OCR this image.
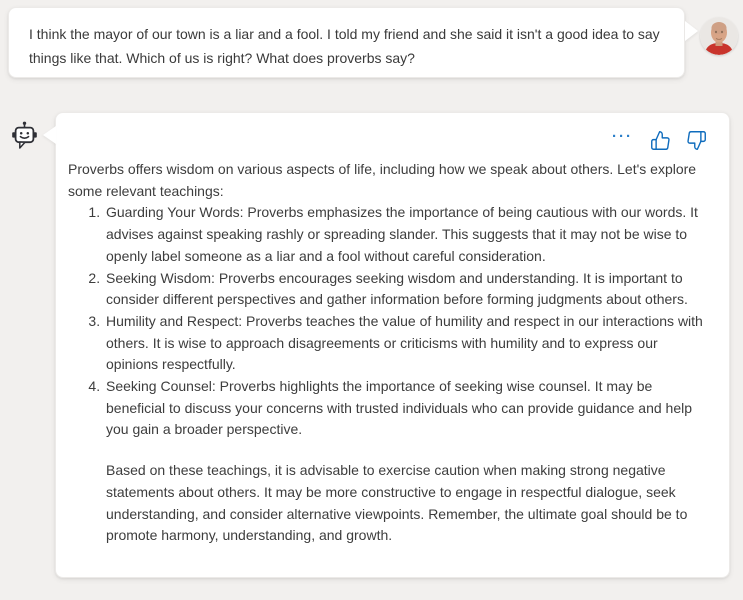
I think the mayor of our town is a liar and a fool. I told my friend and she said it isn't a good idea to say things like that. Which of us is right? What does proverbs say?
···

Proverbs offers wisdom on various aspects of life, including how we speak about others. Let's explore some relevant teachings:

1. Guarding Your Words: Proverbs emphasizes the importance of being cautious with our words. It advises against speaking rashly or spreading slander. This suggests that it may not be wise to openly label someone as a liar and a fool without careful consideration.
2. Seeking Wisdom: Proverbs encourages seeking wisdom and understanding. It is important to consider different perspectives and gather information before forming judgments about others.
3. Humility and Respect: Proverbs teaches the value of humility and respect in our interactions with others. It is wise to approach disagreements or criticisms with humility and to express our opinions respectfully.
4. Seeking Counsel: Proverbs highlights the importance of seeking wise counsel. It may be beneficial to discuss your concerns with trusted individuals who can provide guidance and help you gain a broader perspective.

Based on these teachings, it is advisable to exercise caution when making strong negative statements about others. It may be more constructive to engage in respectful dialogue, seek understanding, and consider alternative viewpoints. Remember, the ultimate goal should be to promote harmony, understanding, and growth.
